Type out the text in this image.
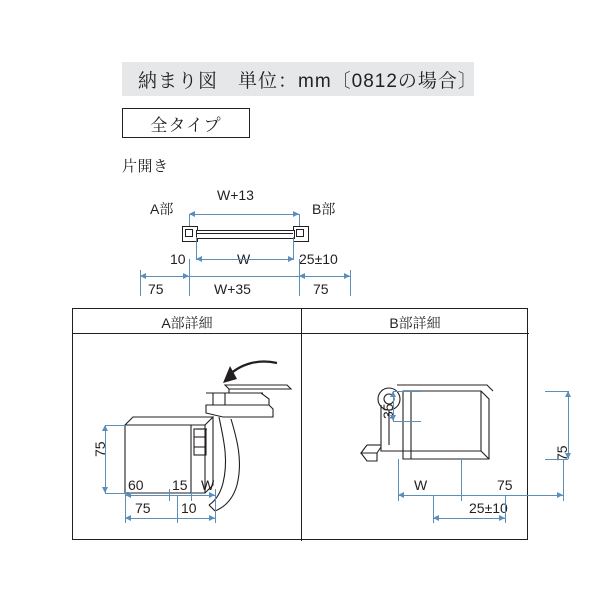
納まり図　単位：mm〔0812の場合〕
全タイプ
片開き
A部	B部
W+13
10	W	25±10
75	W+35	75
A部詳細	B部詳細
75
60 15 W
75 10
35
75
W	75
25±10
